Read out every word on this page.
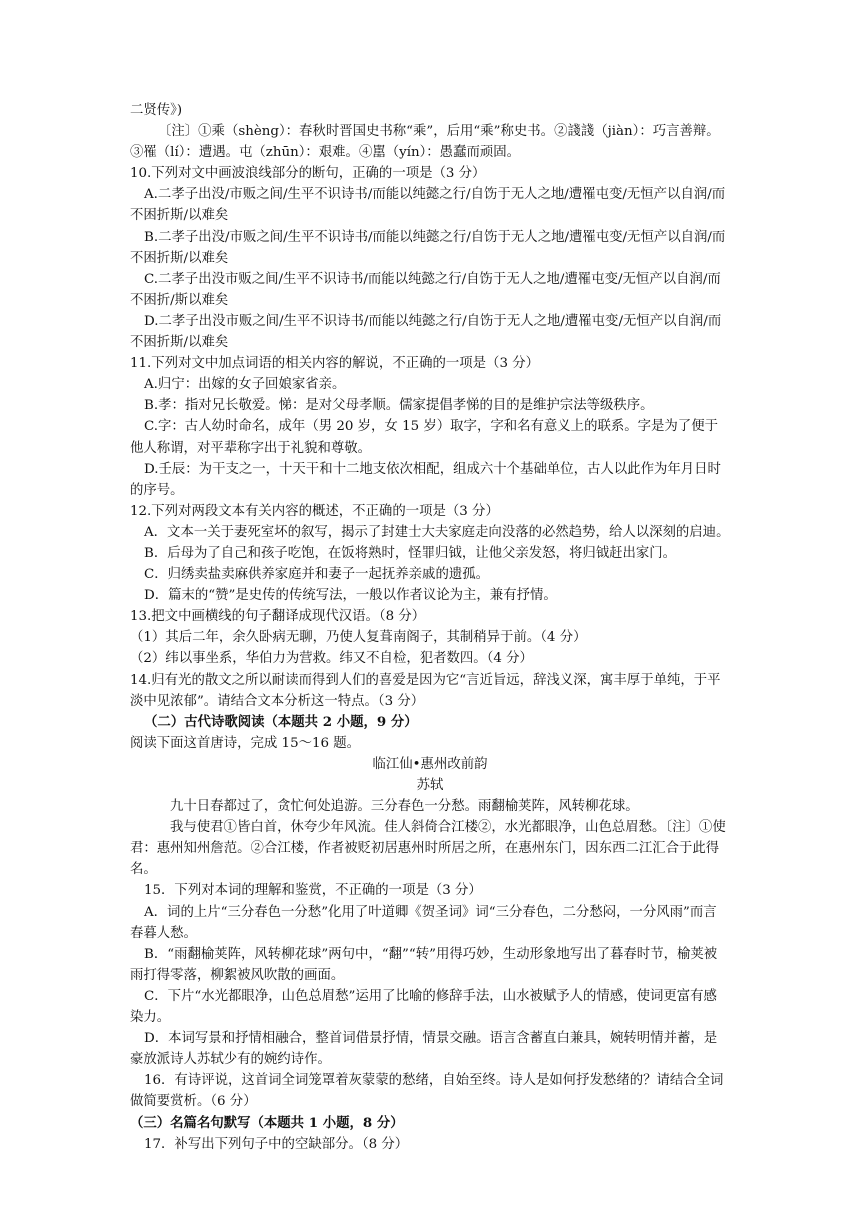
二贤传》)

〔注〕①乘（shèng）：春秋时晋国史书称“乘”，后用“乘”称史书。②諓諓（jiàn）：巧言善辩。③罹（lí）：遭遇。屯（zhūn）：艰难。④嚚（yín）：愚蠢而顽固。

10.下列对文中画波浪线部分的断句，正确的一项是（3 分）

A.二孝子出没/市贩之间/生平不识诗书/而能以纯懿之行/自饬于无人之地/遭罹屯变/无恒产以自润/而不困折斯/以难矣

B.二孝子出没/市贩之间/生平不识诗书/而能以纯懿之行/自饬于无人之地/遭罹屯变/无恒产以自润/而不困折斯/以难矣

C.二孝子出没市贩之间/生平不识诗书/而能以纯懿之行/自饬于无人之地/遭罹屯变/无恒产以自润/而不困折/斯以难矣

D.二孝子出没市贩之间/生平不识诗书/而能以纯懿之行/自饬于无人之地/遭罹屯变/无恒产以自润/而不困折斯/以难矣

11.下列对文中加点词语的相关内容的解说，不正确的一项是（3 分）

A.归宁：出嫁的女子回娘家省亲。

B.孝：指对兄长敬爱。悌：是对父母孝顺。儒家提倡孝悌的目的是维护宗法等级秩序。

C.字：古人幼时命名，成年（男 20 岁，女 15 岁）取字，字和名有意义上的联系。字是为了便于他人称谓，对平辈称字出于礼貌和尊敬。

D.壬辰：为干支之一，十天干和十二地支依次相配，组成六十个基础单位，古人以此作为年月日时的序号。

12.下列对两段文本有关内容的概述，不正确的一项是（3 分）

A．文本一关于妻死室坏的叙写，揭示了封建士大夫家庭走向没落的必然趋势，给人以深刻的启迪。

B．后母为了自己和孩子吃饱，在饭将熟时，怪罪归钺，让他父亲发怒，将归钺赶出家门。

C．归绣卖盐卖麻供养家庭并和妻子一起抚养亲戚的遗孤。

D．篇末的“赞”是史传的传统写法，一般以作者议论为主，兼有抒情。

13.把文中画横线的句子翻译成现代汉语。（8 分）

（1）其后二年，余久卧病无聊，乃使人复葺南阁子，其制稍异于前。（4 分）

（2）纬以事坐系，华伯力为营救。纬又不自检，犯者数四。（4 分）

14.归有光的散文之所以耐读而得到人们的喜爱是因为它“言近旨远，辞浅义深，寓丰厚于单纯，于平淡中见浓郁”。请结合文本分析这一特点。（3 分）

（二）古代诗歌阅读（本题共 2 小题，9 分）

阅读下面这首唐诗，完成 15～16 题。

临江仙•惠州改前韵

苏轼

九十日春都过了，贪忙何处追游。三分春色一分愁。雨翻榆荚阵，风转柳花球。

我与使君①皆白首，休夸少年风流。佳人斜倚合江楼②，水光都眼净，山色总眉愁。〔注〕①使君：惠州知州詹范。②合江楼，作者被贬初居惠州时所居之所，在惠州东门，因东西二江汇合于此得名。

15．下列对本词的理解和鉴赏，不正确的一项是（3 分）

A．词的上片“三分春色一分愁”化用了叶道卿《贺圣词》词“三分春色，二分愁闷，一分风雨”而言春暮人愁。

B．“雨翻榆荚阵，风转柳花球”两句中，“翻”“转”用得巧妙，生动形象地写出了暮春时节，榆荚被雨打得零落，柳絮被风吹散的画面。

C．下片“水光都眼净，山色总眉愁”运用了比喻的修辞手法，山水被赋予人的情感，使词更富有感染力。

D．本词写景和抒情相融合，整首词借景抒情，情景交融。语言含蓄直白兼具，婉转明情并蓄，是豪放派诗人苏轼少有的婉约诗作。

16．有诗评说，这首词全词笼罩着灰蒙蒙的愁绪，自始至终。诗人是如何抒发愁绪的？请结合全词做简要赏析。（6 分）

（三）名篇名句默写（本题共 1 小题，8 分）

17．补写出下列句子中的空缺部分。（8 分）
